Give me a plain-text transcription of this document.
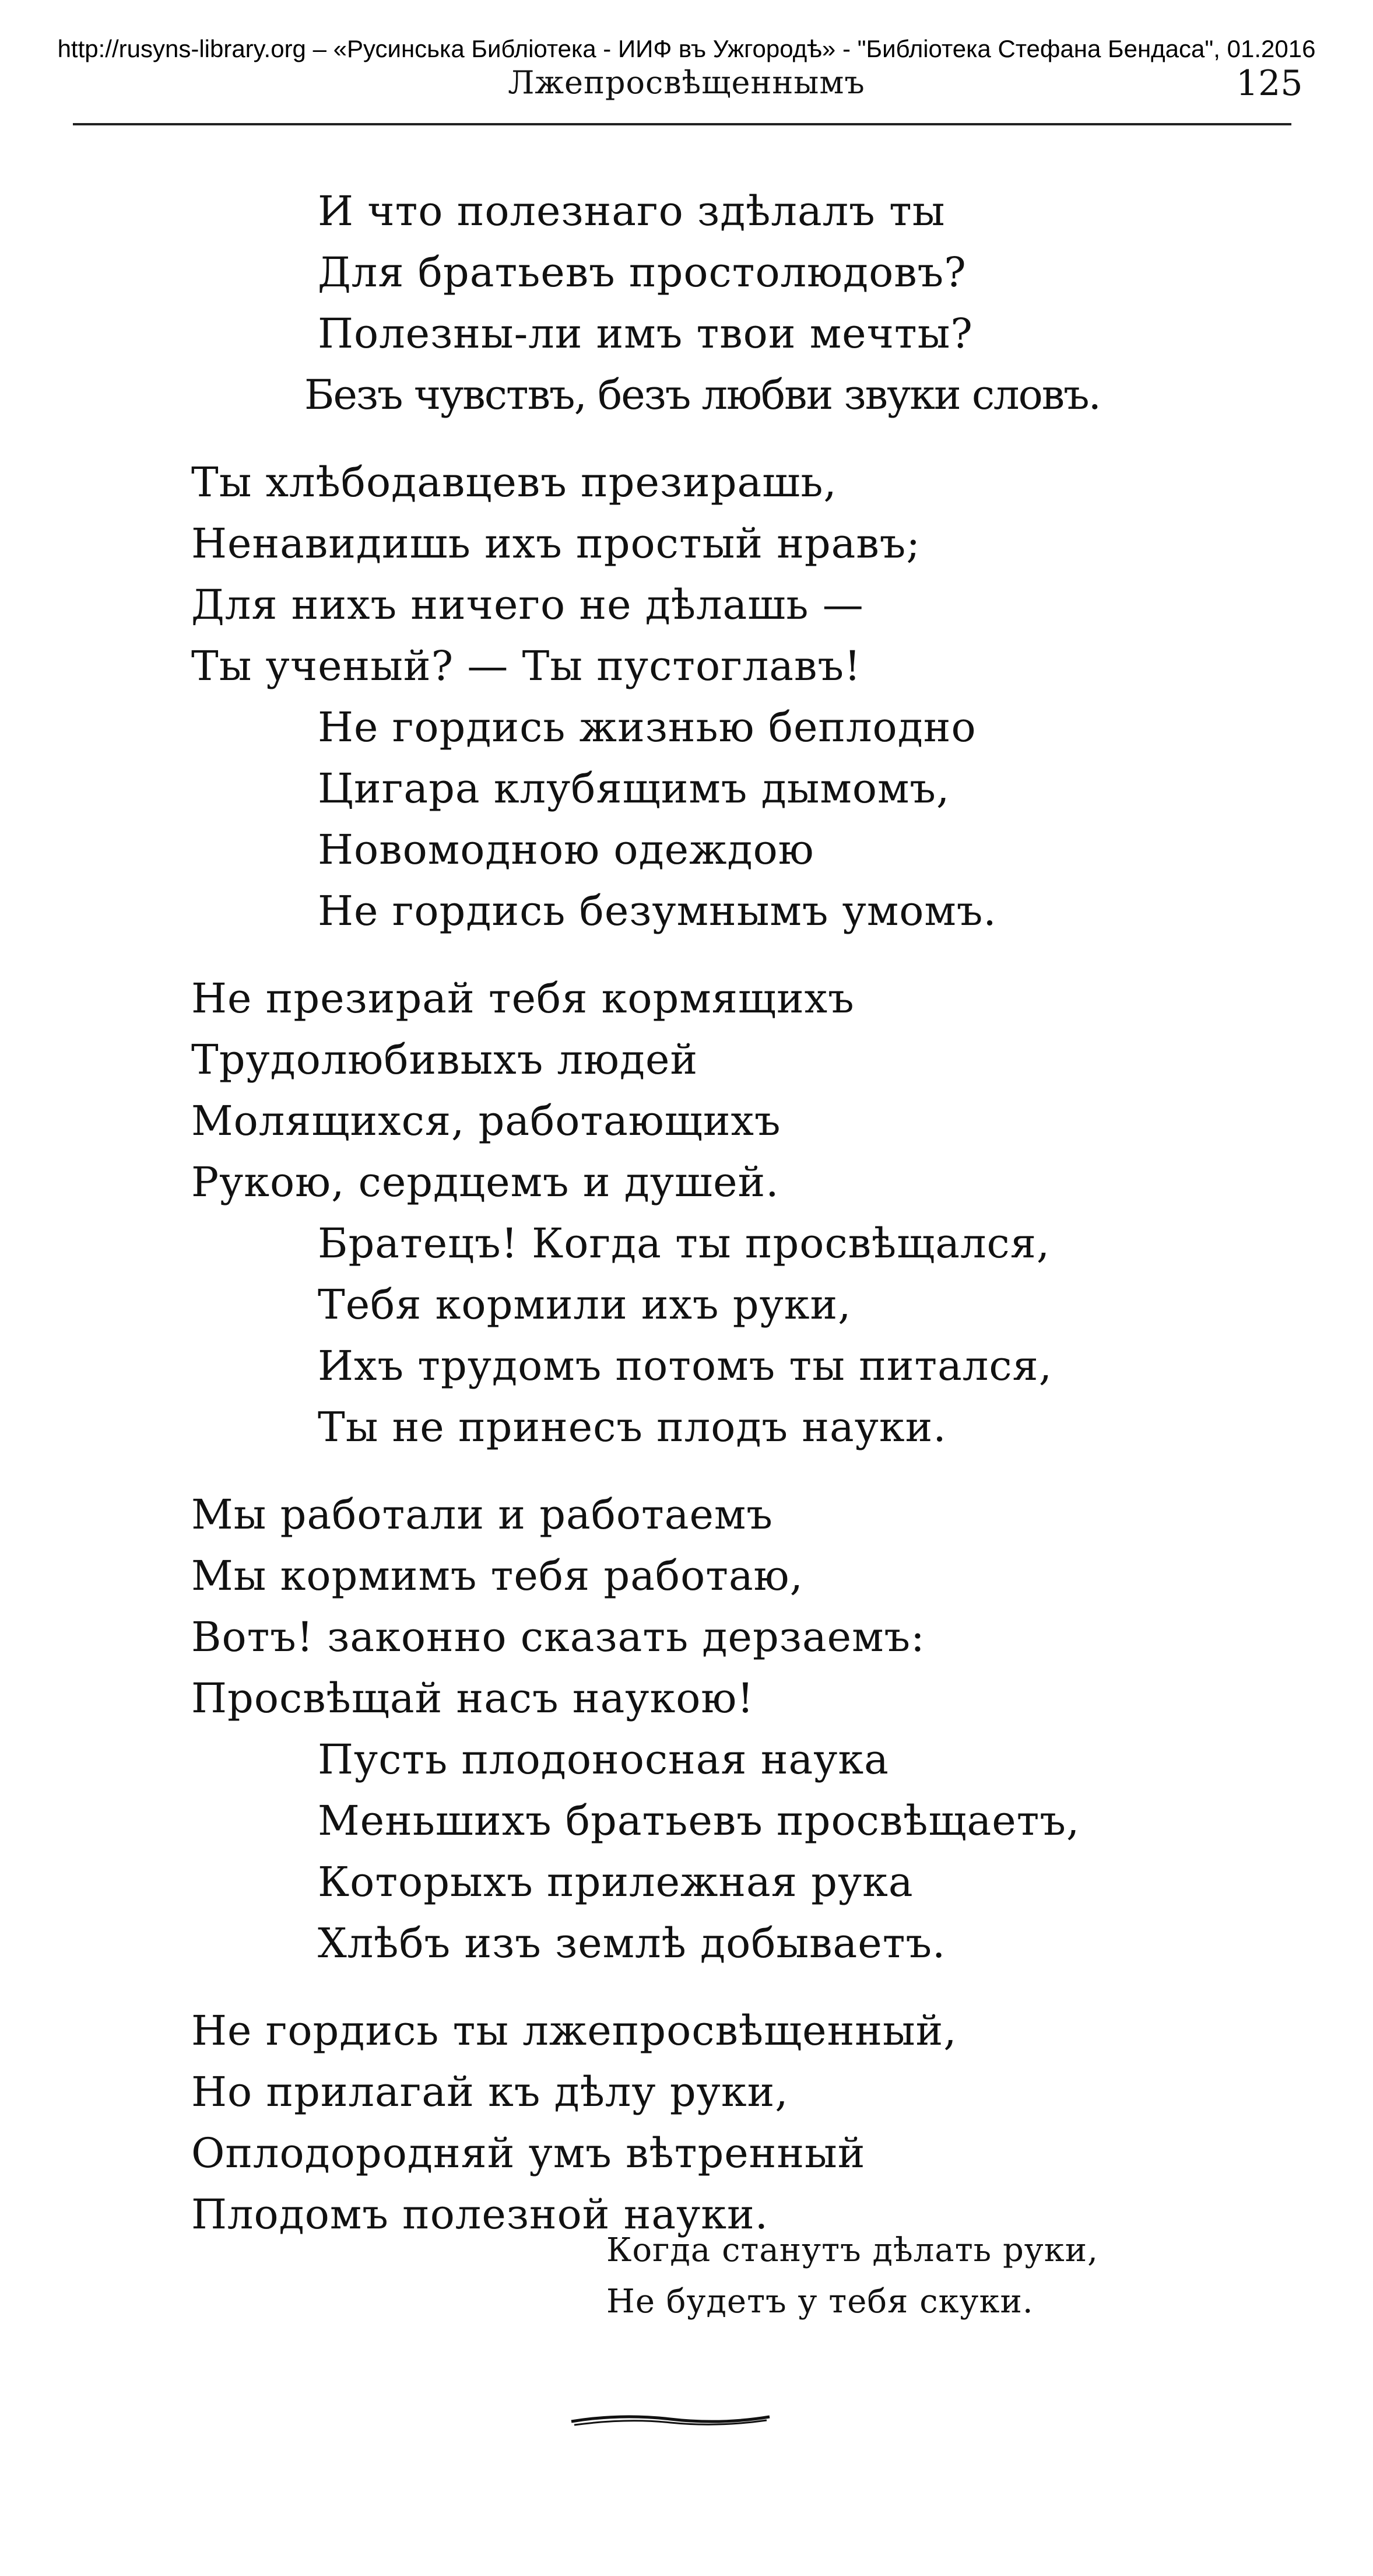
http://rusyns-library.org – «Русинська Библіотека - ИИФ въ Ужгородѣ» - "Библіотека Стефана Бендаса", 01.2016
Лжепросвѣщеннымъ	125
И что полезнаго здѣлалъ ты
Для братьевъ простолюдовъ?
Полезны-ли имъ твои мечты?
Безъ чувствъ, безъ любви звуки словъ.
Ты хлѣбодавцевъ презирашь,
Ненавидишь ихъ простый нравъ;
Для нихъ ничего не дѣлашь —
Ты ученый? — Ты пустоглавъ!
Не гордись жизнью беплодно
Цигара клубящимъ дымомъ,
Новомодною одеждою
Не гордись безумнымъ умомъ.
Не презирай тебя кормящихъ
Трудолюбивыхъ людей
Молящихся, работающихъ
Рукою, сердцемъ и душей.
Братецъ! Когда ты просвѣщался,
Тебя кормили ихъ руки,
Ихъ трудомъ потомъ ты питался,
Ты не принесъ плодъ науки.
Мы работали и работаемъ
Мы кормимъ тебя работаю,
Вотъ! законно сказать дерзаемъ:
Просвѣщай насъ наукою!
Пусть плодоносная наука
Меньшихъ братьевъ просвѣщаетъ,
Которыхъ прилежная рука
Хлѣбъ изъ землѣ добываетъ.
Не гордись ты лжепросвѣщенный,
Но прилагай къ дѣлу руки,
Оплодородняй умъ вѣтренный
Плодомъ полезной науки.
Когда станутъ дѣлать руки,
Не будетъ у тебя скуки.
